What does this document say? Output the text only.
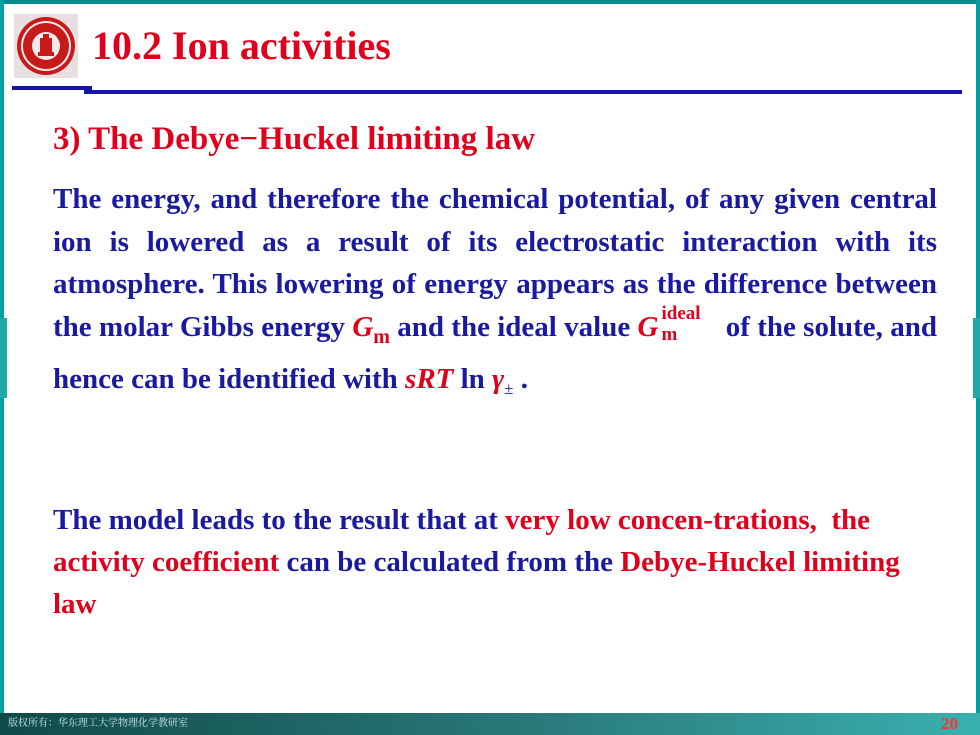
10.2 Ion activities
3) The Debye−Huckel limiting law
The energy, and therefore the chemical potential, of any given central ion is lowered as a result of its electrostatic interaction with its atmosphere. This lowering of energy appears as the difference between the molar Gibbs energy $G_m$ and the ideal value G ideal
m of the solute, and hence can be identified with sRT $\ln \gamma_\pm$ .
The model leads to the result that at very low concen-trations, the activity coefficient can be calculated from the Debye-Huckel limiting law
版权所有：华东理工大学物理化学教研室	20
